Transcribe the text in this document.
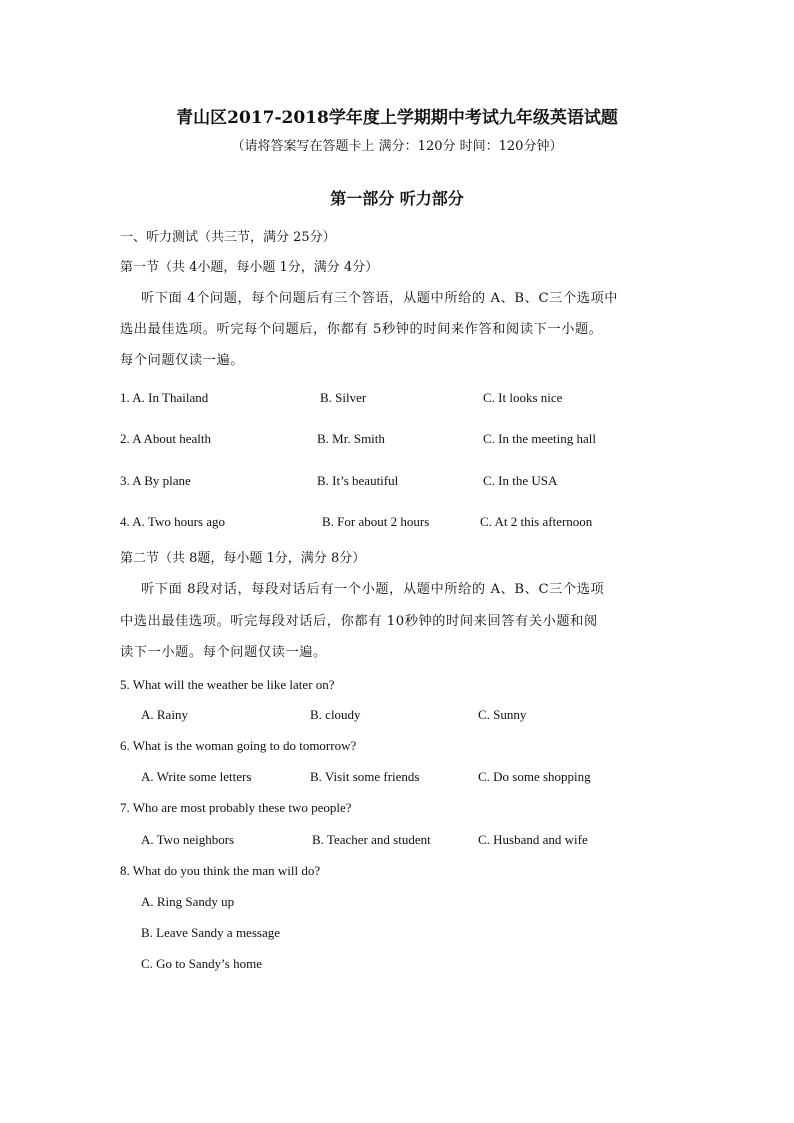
青山区2017-2018学年度上学期期中考试九年级英语试题
（请将答案写在答题卡上 满分：120分 时间：120分钟）
第一部分 听力部分
一、听力测试（共三节，满分 25分）
第一节（共 4小题，每小题 1分，满分 4分）
听下面 4个问题，每个问题后有三个答语，从题中所给的 A、B、C三个选项中
选出最佳选项。听完每个问题后，你都有 5秒钟的时间来作答和阅读下一小题。
每个问题仅读一遍。
1. A. In Thailand	B. Silver	C. It looks nice
2. A About health	B. Mr. Smith	C. In the meeting hall
3. A By plane	B. It’s beautiful	C. In the USA
4. A. Two hours ago	B. For about 2 hours	C. At 2 this afternoon
第二节（共 8题，每小题 1分，满分 8分）
听下面 8段对话，每段对话后有一个小题，从题中所给的 A、B、C三个选项
中选出最佳选项。听完每段对话后，你都有 10秒钟的时间来回答有关小题和阅
读下一小题。每个问题仅读一遍。
5. What will the weather be like later on?
A. Rainy	B. cloudy	C. Sunny
6. What is the woman going to do tomorrow?
A. Write some letters	B. Visit some friends	C. Do some shopping
7. Who are most probably these two people?
A. Two neighbors	B. Teacher and student	C. Husband and wife
8. What do you think the man will do?
A. Ring Sandy up
B. Leave Sandy a message
C. Go to Sandy’s home
